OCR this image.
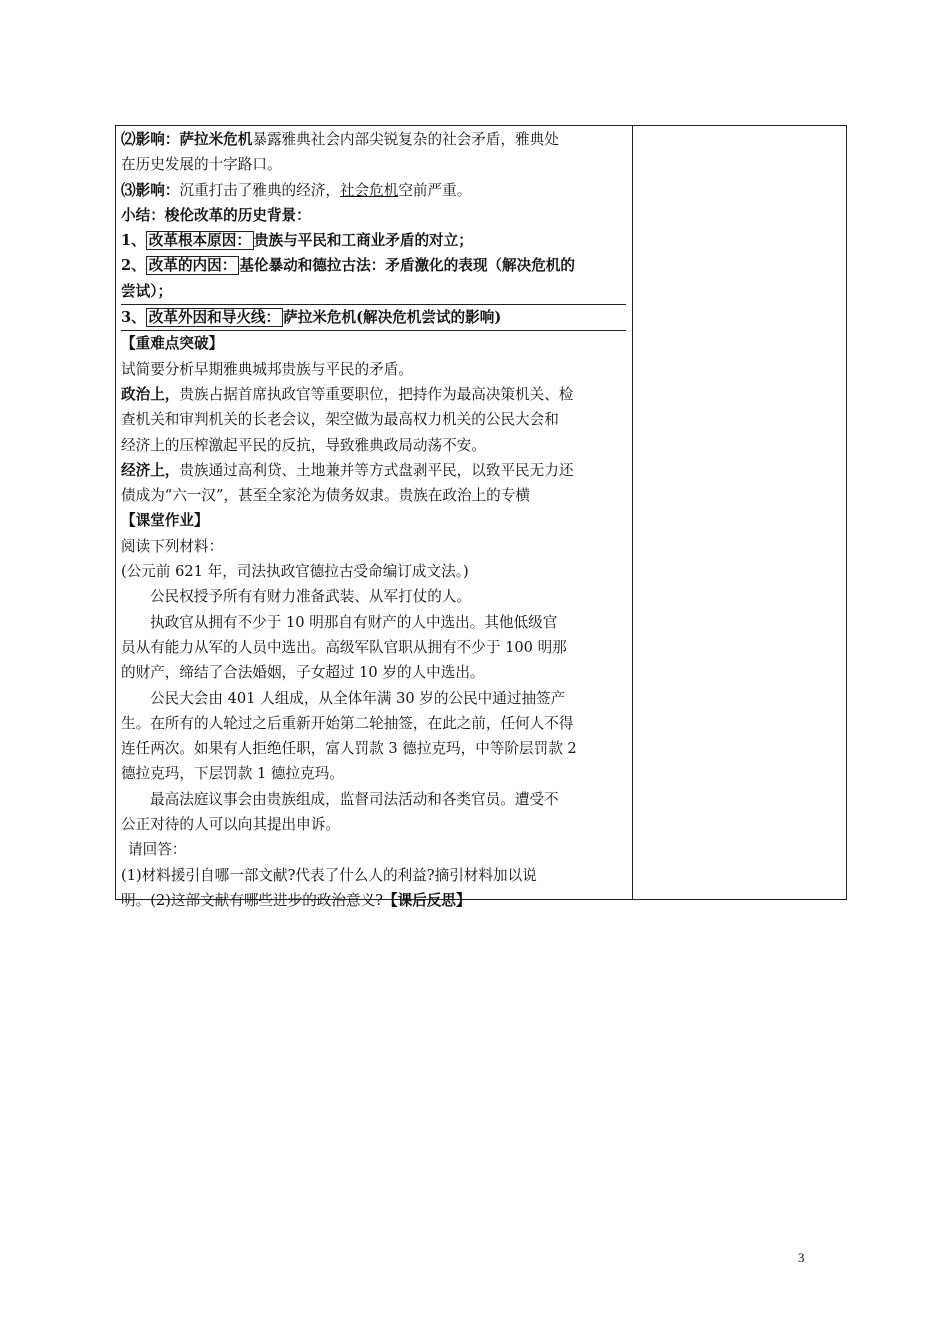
⑵影响：萨拉米危机暴露雅典社会内部尖锐复杂的社会矛盾，雅典处
在历史发展的十字路口。
⑶影响：沉重打击了雅典的经济，社会危机空前严重。
小结：梭伦改革的历史背景：
1、 改革根本原因： 贵族与平民和工商业矛盾的对立；
2、 改革的内因： 基伦暴动和德拉古法：矛盾激化的表现（解决危机的
尝试）；
3、 改革外因和导火线： 萨拉米危机(解决危机尝试的影响)
【重难点突破】
试简要分析早期雅典城邦贵族与平民的矛盾。
政治上，贵族占据首席执政官等重要职位，把持作为最高决策机关、检
查机关和审判机关的长老会议，架空做为最高权力机关的公民大会和
经济上的压榨激起平民的反抗，导致雅典政局动荡不安。
经济上，贵族通过高利贷、土地兼并等方式盘剥平民，以致平民无力还
债成为“六一汉”，甚至全家沦为债务奴隶。贵族在政治上的专横
【课堂作业】
阅读下列材料：
(公元前 621 年，司法执政官德拉古受命编订成文法。)
公民权授予所有有财力准备武装、从军打仗的人。
执政官从拥有不少于 10 明那自有财产的人中选出。其他低级官
员从有能力从军的人员中选出。高级军队官职从拥有不少于 100 明那
的财产，缔结了合法婚姻，子女超过 10 岁的人中选出。
公民大会由 401 人组成，从全体年满 30 岁的公民中通过抽签产
生。在所有的人轮过之后重新开始第二轮抽签，在此之前，任何人不得
连任两次。如果有人拒绝任职，富人罚款 3 德拉克玛，中等阶层罚款 2
德拉克玛，下层罚款 1 德拉克玛。
最高法庭议事会由贵族组成，监督司法活动和各类官员。遭受不
公正对待的人可以向其提出申诉。
请回答：
(1)材料援引自哪一部文献?代表了什么人的利益?摘引材料加以说
明。(2)这部文献有哪些进步的政治意义?【课后反思】
3
